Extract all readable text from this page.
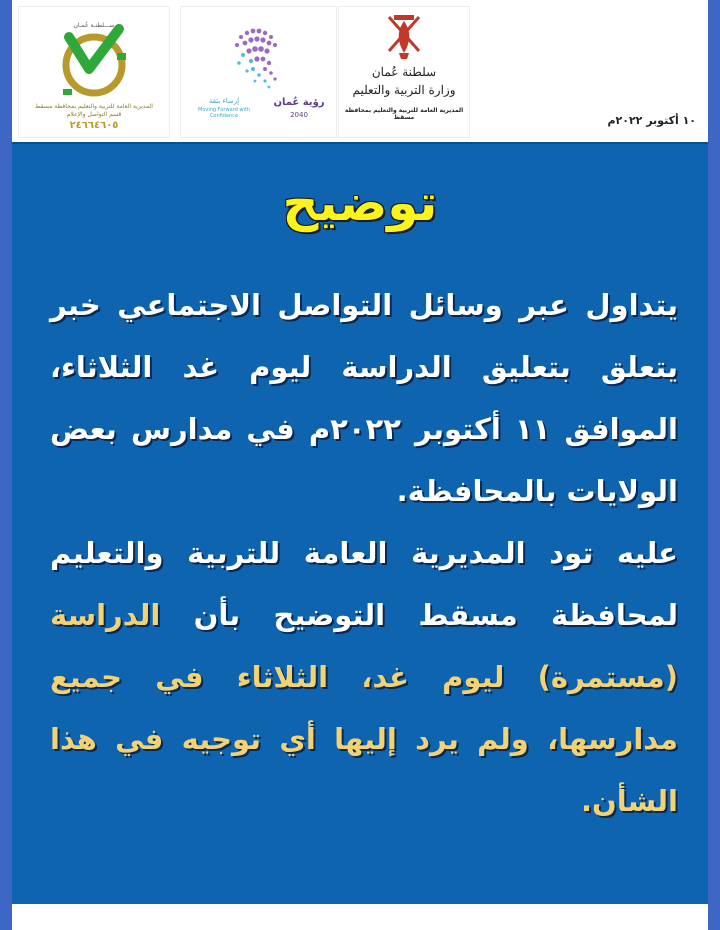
ســـلطنـة عُمـان
المديرية العامة للتربية والتعليم بمحافظة مسقط
قسم التواصل والإعلام
٢٤٦٦٤٦٠٥
رؤية عُمان
2040
إرساء بثقة
Moving Forward with Confidence
سلطنة عُمان
وزارة التربية والتعليم
المديرية العامة للتربية والتعليم بمحافظة مسقط	١٠ أكتوبر ٢٠٢٢م
توضيح
يتداول عبر وسائل التواصل الاجتماعي خبر يتعلق بتعليق الدراسة ليوم غد الثلاثاء، الموافق ١١ أكتوبر ٢٠٢٢م في مدارس بعض الولايات بالمحافظة.
عليه تود المديرية العامة للتربية والتعليم لمحافظة مسقط التوضيح بأن الدراسة (مستمرة) ليوم غد، الثلاثاء في جميع مدارسها، ولم يرد إليها أي توجيه في هذا الشأن.
